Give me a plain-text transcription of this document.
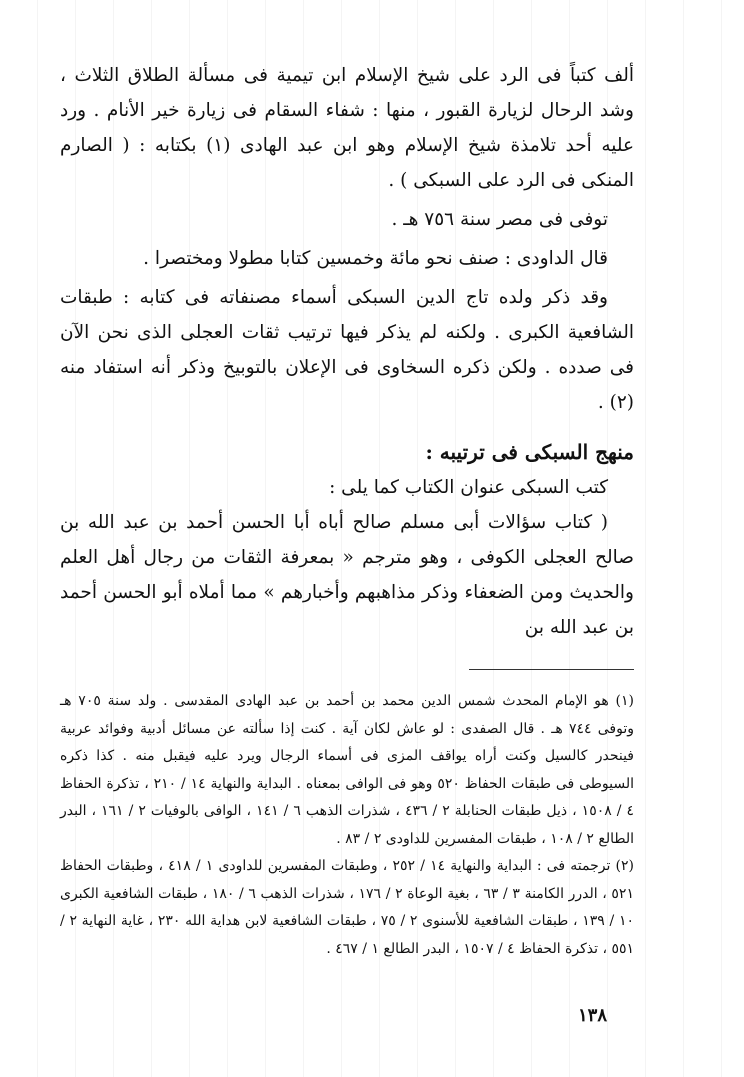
ألف كتباً فى الرد على شيخ الإسلام ابن تيمية فى مسألة الطلاق الثلاث ، وشد الرحال لزيارة القبور ، منها : شفاء السقام فى زيارة خير الأنام . ورد عليه أحد تلامذة شيخ الإسلام وهو ابن عبد الهادى (١) بكتابه : ( الصارم المنكى فى الرد على السبكى ) .

توفى فى مصر سنة ٧٥٦ هـ .

قال الداودى : صنف نحو مائة وخمسين كتابا مطولا ومختصرا .

وقد ذكر ولده تاج الدين السبكى أسماء مصنفاته فى كتابه : طبقات الشافعية الكبرى . ولكنه لم يذكر فيها ترتيب ثقات العجلى الذى نحن الآن فى صدده . ولكن ذكره السخاوى فى الإعلان بالتوبيخ وذكر أنه استفاد منه (٢) .

منهج السبكى فى ترتيبه :

كتب السبكى عنوان الكتاب كما يلى :

( كتاب سؤالات أبى مسلم صالح أباه أبا الحسن أحمد بن عبد الله بن صالح العجلى الكوفى ، وهو مترجم « بمعرفة الثقات من رجال أهل العلم والحديث ومن الضعفاء وذكر مذاهبهم وأخبارهم » مما أملاه أبو الحسن أحمد بن عبد الله بن

(١) هو الإمام المحدث شمس الدين محمد بن أحمد بن عبد الهادى المقدسى . ولد سنة ٧٠٥ هـ وتوفى ٧٤٤ هـ . قال الصفدى : لو عاش لكان آية . كنت إذا سألته عن مسائل أدبية وفوائد عربية فينحدر كالسيل وكنت أراه يواقف المزى فى أسماء الرجال ويرد عليه فيقبل منه . كذا ذكره السيوطى فى طبقات الحفاظ ٥٢٠ وهو فى الوافى بمعناه . البداية والنهاية ١٤ / ٢١٠ ، تذكرة الحفاظ ٤ / ١٥٠٨ ، ذيل طبقات الحنابلة ٢ / ٤٣٦ ، شذرات الذهب ٦ / ١٤١ ، الوافى بالوفيات ٢ / ١٦١ ، البدر الطالع ٢ / ١٠٨ ، طبقات المفسرين للداودى ٢ / ٨٣ .

(٢) ترجمته فى : البداية والنهاية ١٤ / ٢٥٢ ، وطبقات المفسرين للداودى ١ / ٤١٨ ، وطبقات الحفاظ ٥٢١ ، الدرر الكامنة ٣ / ٦٣ ، بغية الوعاة ٢ / ١٧٦ ، شذرات الذهب ٦ / ١٨٠ ، طبقات الشافعية الكبرى ١٠ / ١٣٩ ، طبقات الشافعية للأسنوى ٢ / ٧٥ ، طبقات الشافعية لابن هداية الله ٢٣٠ ، غاية النهاية ٢ / ٥٥١ ، تذكرة الحفاظ ٤ / ١٥٠٧ ، البدر الطالع ١ / ٤٦٧ .

١٣٨
